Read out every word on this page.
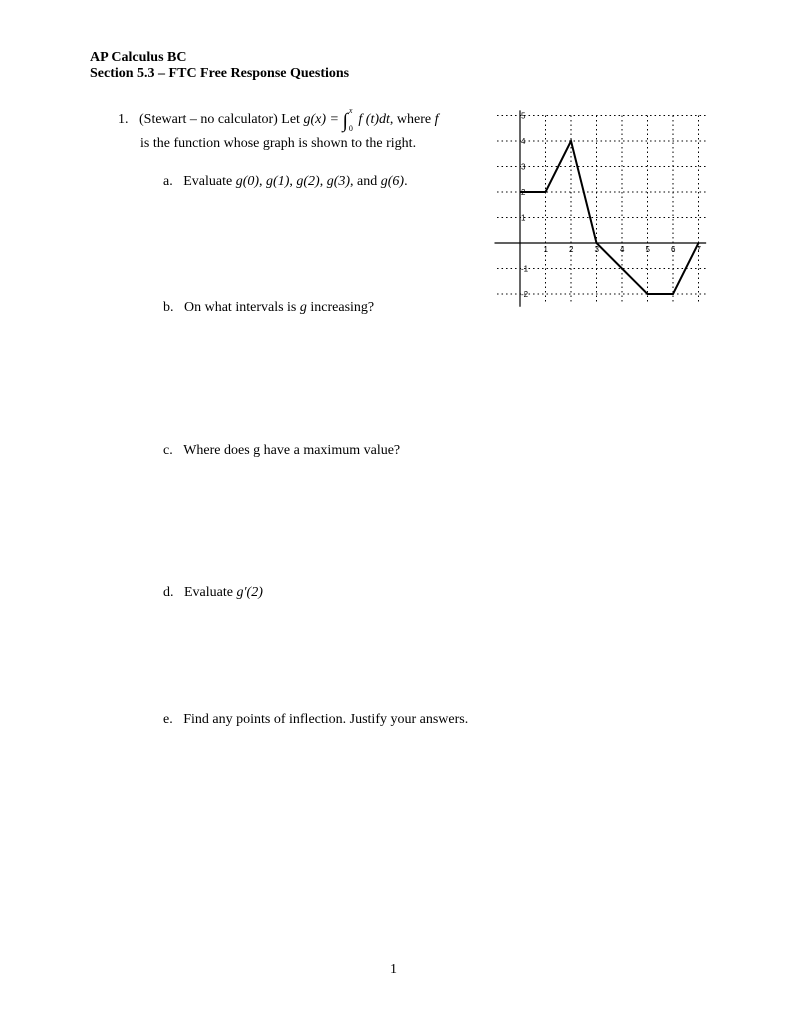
AP Calculus BC
Section 5.3 – FTC Free Response Questions
1. (Stewart – no calculator) Let g(x) = ∫ x
0
f (t)dt, where f
is the function whose graph is shown to the right.
a. Evaluate g(0), g(1), g(2), g(3), and g(6).
b. On what intervals is g increasing?
c. Where does g have a maximum value?
d. Evaluate g′(2)
e. Find any points of inflection. Justify your answers.
1	2	3	4	5	6	7
5
4
3
2
1
-1
-2
1
